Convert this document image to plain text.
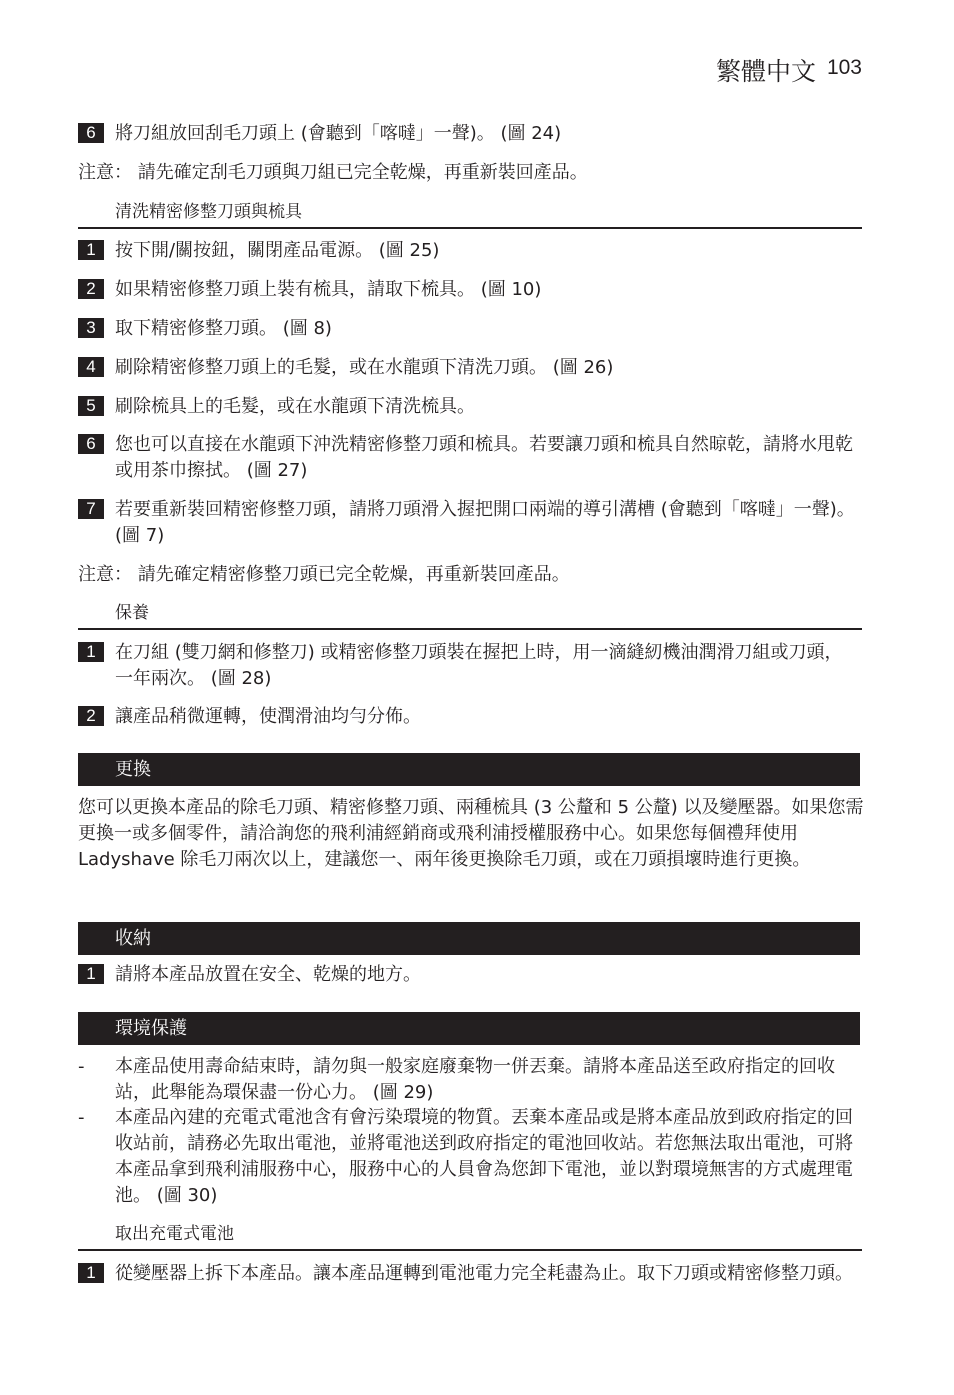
繁體中文 103
6	將刀組放回刮毛刀頭上 (會聽到「喀噠」一聲)。 (圖 24)
注意： 請先確定刮毛刀頭與刀組已完全乾燥，再重新裝回產品。
清洗精密修整刀頭與梳具
1	按下開/關按鈕，關閉產品電源。 (圖 25)
2	如果精密修整刀頭上裝有梳具，請取下梳具。 (圖 10)
3	取下精密修整刀頭。 (圖 8)
4	刷除精密修整刀頭上的毛髮，或在水龍頭下清洗刀頭。 (圖 26)
5	刷除梳具上的毛髮，或在水龍頭下清洗梳具。
6	您也可以直接在水龍頭下沖洗精密修整刀頭和梳具。若要讓刀頭和梳具自然晾乾，請將水甩乾或用茶巾擦拭。 (圖 27)
7	若要重新裝回精密修整刀頭，請將刀頭滑入握把開口兩端的導引溝槽 (會聽到「喀噠」一聲)。 (圖 7)
注意： 請先確定精密修整刀頭已完全乾燥，再重新裝回產品。
保養
1	在刀組 (雙刀網和修整刀) 或精密修整刀頭裝在握把上時，用一滴縫紉機油潤滑刀組或刀頭，一年兩次。 (圖 28)
2	讓產品稍微運轉，使潤滑油均勻分佈。
更換
您可以更換本產品的除毛刀頭、精密修整刀頭、兩種梳具 (3 公釐和 5 公釐) 以及變壓器。如果您需更換一或多個零件，請洽詢您的飛利浦經銷商或飛利浦授權服務中心。如果您每個禮拜使用 Ladyshave 除毛刀兩次以上，建議您一、兩年後更換除毛刀頭，或在刀頭損壞時進行更換。
收納
1	請將本產品放置在安全、乾燥的地方。
環境保護
- 本產品使用壽命結束時，請勿與一般家庭廢棄物一併丟棄。請將本產品送至政府指定的回收站，此舉能為環保盡一份心力。 (圖 29)
- 本產品內建的充電式電池含有會污染環境的物質。丟棄本產品或是將本產品放到政府指定的回收站前，請務必先取出電池，並將電池送到政府指定的電池回收站。若您無法取出電池，可將本產品拿到飛利浦服務中心，服務中心的人員會為您卸下電池，並以對環境無害的方式處理電池。 (圖 30)
取出充電式電池
1	從變壓器上拆下本產品。讓本產品運轉到電池電力完全耗盡為止。取下刀頭或精密修整刀頭。
